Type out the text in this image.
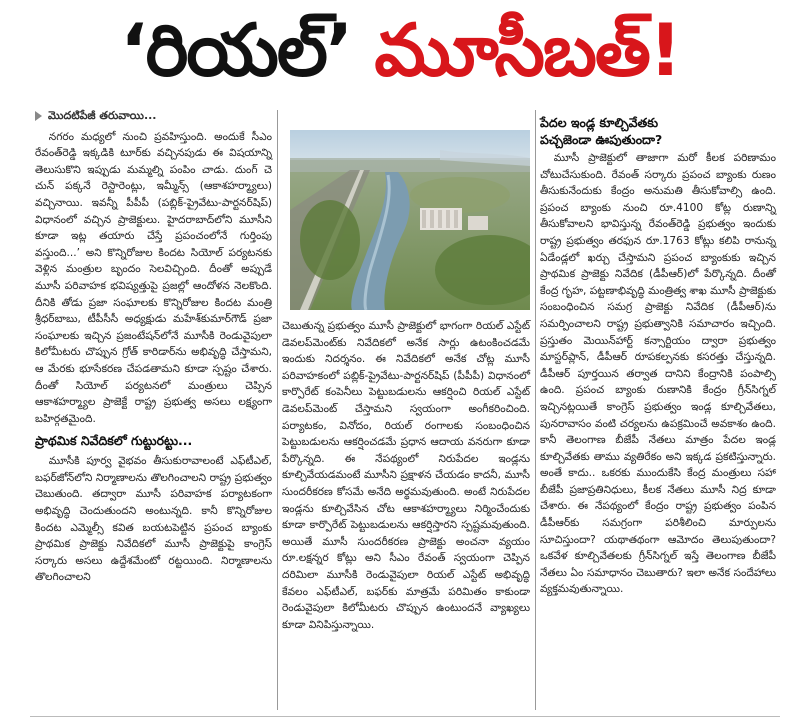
‘రియల్’ మూసీబత్!
మొదటిపేజీ తరువాయి...

నగరం మధ్యలో నుంచి ప్రవహిస్తుంది. అందుకే సీఎం రేవంత్‌రెడ్డి ఇక్కడికి టూర్‌కు వచ్చినపుడు ఈ విషయాన్ని తెలుసుకొని ఇప్పుడు మమ్మల్ని పంపిం చాడు. దుంగ్ చె చున్ పక్కనే రెస్టారెంట్లు, ఇమ్మీన్స్ (ఆకాశహర్మ్యాలు) వచ్చినాయి. ఇవన్నీ పీపీపీ (పబ్లిక్‌-ప్రైవేటు-పార్టనర్‌షిప్‌) విధానంలో వచ్చిన ప్రాజెక్టులు. హైదరాబాద్‌లోని మూసీని కూడా ఇట్ల తయారు చేస్తే ప్రపంచంలోనే గుర్తింపు వస్తుంది...’ అని కొన్నిరోజుల కిందట సియోల్‌ పర్యటనకు వెళ్లిన మంత్రుల బృందం సెలవిచ్చింది. దీంతో అప్పుడే మూసీ పరివాహక భవిష్యత్తుపై ప్రజల్లో ఆందోళన నెలకొంది. దీనికి తోడు ప్రజా సంఘాలకు కొన్నిరోజుల కిందట మంత్రి శ్రీధర్‌బాబు, టీపీసీసీ అధ్యక్షుడు మహేశ్‌కుమార్‌గౌడ్‌ ప్రజా సంఘాలకు ఇచ్చిన ప్రజంటేషన్‌లోనే మూసీకి రెండువైపులా కిలోమీటరు చొప్పున గ్రోత్‌ కారిడార్‌ను అభివృద్ధి చేస్తామని, ఆ మేరకు భూసేకరణ చేపడతామని కూడా స్పష్టం చేశారు. దీంతో సియోల్‌ పర్యటనలో మంత్రులు చెప్పిన ఆకాశహర్మ్యాల ప్రాజెక్టే రాష్ట్ర ప్రభుత్వ అసలు లక్ష్యంగా బహిర్గతమైంది.

ప్రాథమిక నివేదికలో గుట్టురట్టు...

మూసీకి పూర్వ వైభవం తీసుకురావాలంటే ఎఫ్‌టీఎల్‌, బఫర్‌జోన్‌లోని నిర్మాణాలను తొలగించాలని రాష్ట్ర ప్రభుత్వం చెబుతుంది. తద్వారా మూసీ పరివాహక పర్యాటకంగా అభివృద్ధి చెందుతుందని అంటున్నది. కానీ కొన్నిరోజుల కిందట ఎమ్మెల్సీ కవిత బయటపెట్టిన ప్రపంచ బ్యాంకు ప్రాథమిక ప్రాజెక్టు నివేదికలో మూసీ ప్రాజెక్టుపై కాంగ్రెస్‌ సర్కారు అసలు ఉద్దేశమేంటో రట్టయింది. నిర్మాణాలను తొలగించాలని

చెబుతున్న ప్రభుత్వం మూసీ ప్రాజెక్టులో భాగంగా రియల్‌ ఎస్టేట్‌ డెవలప్‌మెంట్‌కు నివేదికలో అనేక సార్లు ఉటంకించడమే ఇందుకు నిదర్శనం. ఈ నివేదికలో అనేక చోట్ల మూసీ పరివాహకంలో పబ్లిక్‌-ప్రైవేటు-పార్టనర్‌షిప్‌ (పీపీపీ) విధానంలో కార్పొరేట్‌ కంపెనీలు పెట్టుబడులను ఆకర్షించి రియల్‌ ఎస్టేట్‌ డెవలప్‌మెంట్‌ చేస్తామని స్వయంగా అంగీకరించింది. పర్యాటకం, వినోదం, రియల్‌ రంగాలకు సంబంధించిన పెట్టుబడులను ఆకర్షించడమే ప్రధాన ఆదాయ వనరుగా కూడా పేర్కొన్నది. ఈ నేపథ్యంలో నిరుపేదల ఇండ్లను కూల్చివేయడమంటే మూసీని ప్రక్షాళన చేయడం కాదనీ, మూసీ సుందరీకరణ కోసమే అనేది అర్థమవుతుంది. అంటే నిరుపేదల ఇండ్లను కూల్చివేసిన చోట ఆకాశహర్మ్యాలు నిర్మించేందుకు కూడా కార్పొరేట్‌ పెట్టుబడులను ఆకర్షిస్తారని స్పష్టమవుతుంది. అయితే మూసీ సుందరీకరణ ప్రాజెక్టు అంచనా వ్యయం రూ.లక్షన్నర కోట్లు అని సీఎం రేవంత్‌ స్వయంగా చెప్పిన దరిమిలా మూసీకి రెండువైపులా రియల్‌ ఎస్టేట్‌ అభివృద్ధి కేవలం ఎఫ్‌టీఎల్‌, బఫర్‌కు మాత్రమే పరిమితం కాకుండా రెండువైపులా కిలోమీటరు చొప్పున ఉంటుందనే వ్యాఖ్యలు కూడా వినిపిస్తున్నాయి.

పేదల ఇండ్ల కూల్చివేతకు
పచ్చజెండా ఊపుతుందా?

మూసీ ప్రాజెక్టులో తాజాగా మరో కీలక పరిణామం చోటుచేసుకుంది. రేవంత్‌ సర్కారు ప్రపంచ బ్యాంకు రుణం తీసుకునేందుకు కేంద్రం అనుమతి తీసుకోవాల్సి ఉంది. ప్రపంచ బ్యాంకు నుంచి రూ.4100 కోట్ల రుణాన్ని తీసుకోవాలని భావిస్తున్న రేవంత్‌రెడ్డి ప్రభుత్వం ఇందుకు రాష్ట్ర ప్రభుత్వం తరఫున రూ.1763 కోట్లు కలిపి రానున్న ఏడేండ్లలో ఖర్చు చేస్తామని ప్రపంచ బ్యాంకుకు ఇచ్చిన ప్రాథమిక ప్రాజెక్టు నివేదిక (డీపీఆర్‌)లో పేర్కొన్నది. దీంతో కేంద్ర గృహ, పట్టణాభివృద్ధి మంత్రిత్వ శాఖ మూసీ ప్రాజెక్టుకు సంబంధించిన సమగ్ర ప్రాజెక్టు నివేదిక (డీపీఆర్‌)ను సమర్పించాలని రాష్ట్ర ప్రభుత్వానికి సమాచారం ఇచ్చింది. ప్రస్తుతం మెయిన్‌హార్ట్‌ కన్సార్టియం ద్వారా ప్రభుత్వం మాస్టర్‌ప్లాన్‌, డీపీఆర్‌ రూపకల్పనకు కసరత్తు చేస్తున్నది. డీపీఆర్‌ పూర్తయిన తర్వాత దానిని కేంద్రానికి పంపాల్సి ఉంది. ప్రపంచ బ్యాంకు రుణానికి కేంద్రం గ్రీన్‌సిగ్నల్‌ ఇచ్చినట్లయితే కాంగ్రెస్‌ ప్రభుత్వం ఇండ్ల కూల్చివేతలు, పునరావాసం వంటి చర్యలను ఉపక్రమించే అవకాశం ఉంది. కానీ తెలంగాణ బీజేపీ నేతలు మాత్రం పేదల ఇండ్ల కూల్చివేతకు తాము వ్యతిరేకం అని ఇక్కడ ప్రకటిస్తున్నారు. అంతే కాదు.. ఒకరకు ముందుకేసి కేంద్ర మంత్రులు సహా బీజేపీ ప్రజాప్రతినిధులు, కీలక నేతలు మూసీ నిద్ర కూడా చేశారు. ఈ నేపథ్యంలో కేంద్రం రాష్ట్ర ప్రభుత్వం పంపిన డీపీఆర్‌కు సమగ్రంగా పరిశీలించి మార్పులను సూచిస్తుందా? యథాతథంగా ఆమోదం తెలుపుతుందా? ఒకవేళ కూల్చివేతలకు గ్రీన్‌సిగ్నల్‌ ఇస్తే తెలంగాణ బీజేపీ నేతలు ఏం సమాధానం చెబుతారు? ఇలా అనేక సందేహాలు వ్యక్తమవుతున్నాయి.
